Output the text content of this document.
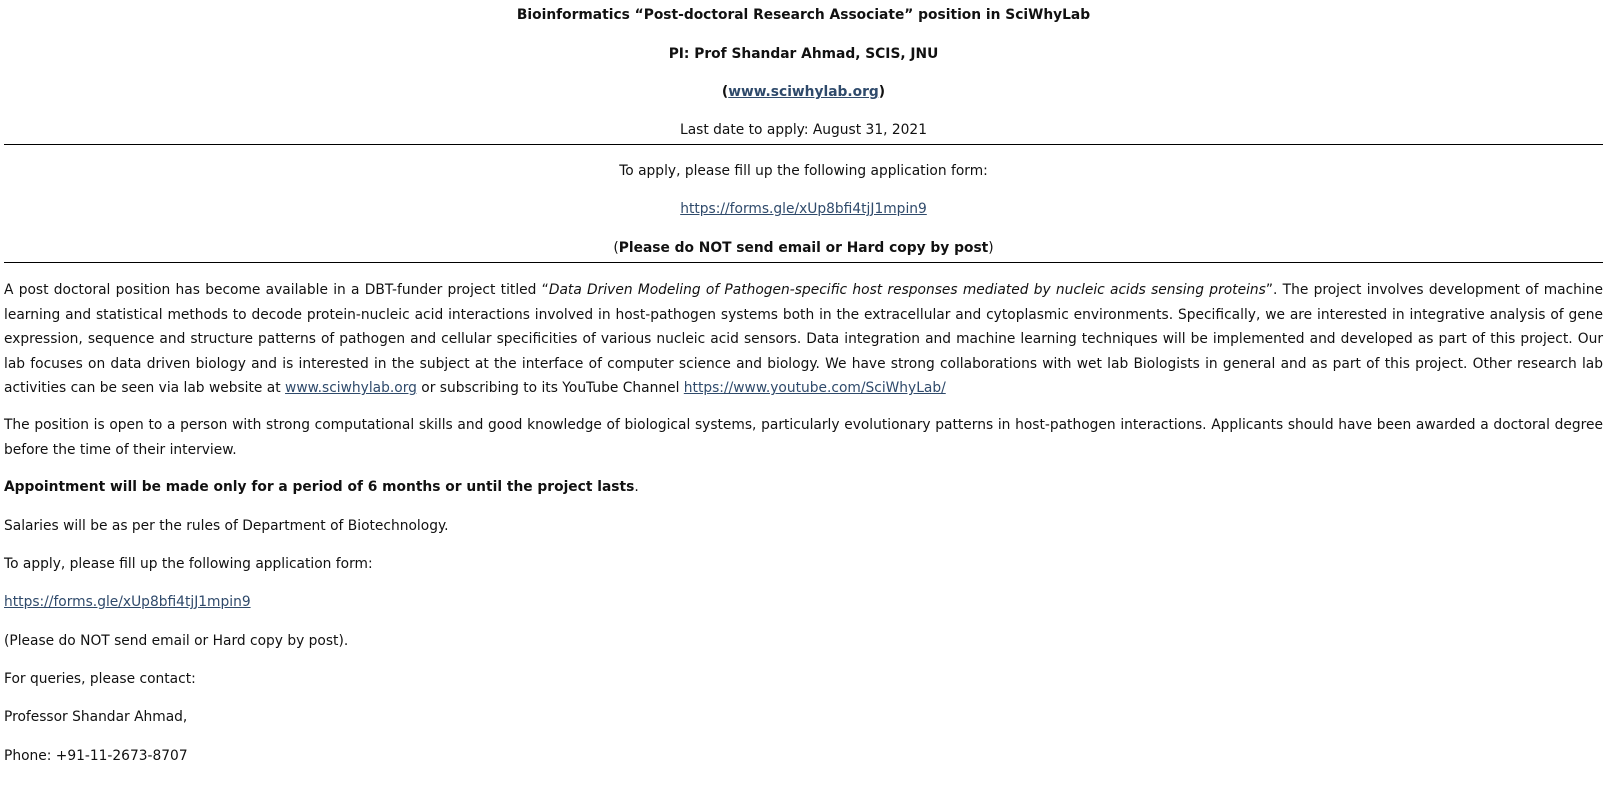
Bioinformatics “Post-doctoral Research Associate” position in SciWhyLab
PI: Prof Shandar Ahmad, SCIS, JNU
(www.sciwhylab.org)
Last date to apply: August 31, 2021
To apply, please fill up the following application form:
https://forms.gle/xUp8bfi4tjJ1mpin9
(Please do NOT send email or Hard copy by post)
A post doctoral position has become available in a DBT-funder project titled “Data Driven Modeling of Pathogen-specific host responses mediated by nucleic acids sensing proteins”. The project involves development of machine learning and statistical methods to decode protein-nucleic acid interactions involved in host-pathogen systems both in the extracellular and cytoplasmic environments. Specifically, we are interested in integrative analysis of gene expression, sequence and structure patterns of pathogen and cellular specificities of various nucleic acid sensors. Data integration and machine learning techniques will be implemented and developed as part of this project. Our lab focuses on data driven biology and is interested in the subject at the interface of computer science and biology. We have strong collaborations with wet lab Biologists in general and as part of this project. Other research lab activities can be seen via lab website at www.sciwhylab.org or subscribing to its YouTube Channel https://www.youtube.com/SciWhyLab/
The position is open to a person with strong computational skills and good knowledge of biological systems, particularly evolutionary patterns in host-pathogen interactions. Applicants should have been awarded a doctoral degree before the time of their interview.
Appointment will be made only for a period of 6 months or until the project lasts.
Salaries will be as per the rules of Department of Biotechnology.
To apply, please fill up the following application form:
https://forms.gle/xUp8bfi4tjJ1mpin9
(Please do NOT send email or Hard copy by post).
For queries, please contact:
Professor Shandar Ahmad,
Phone: +91-11-2673-8707
